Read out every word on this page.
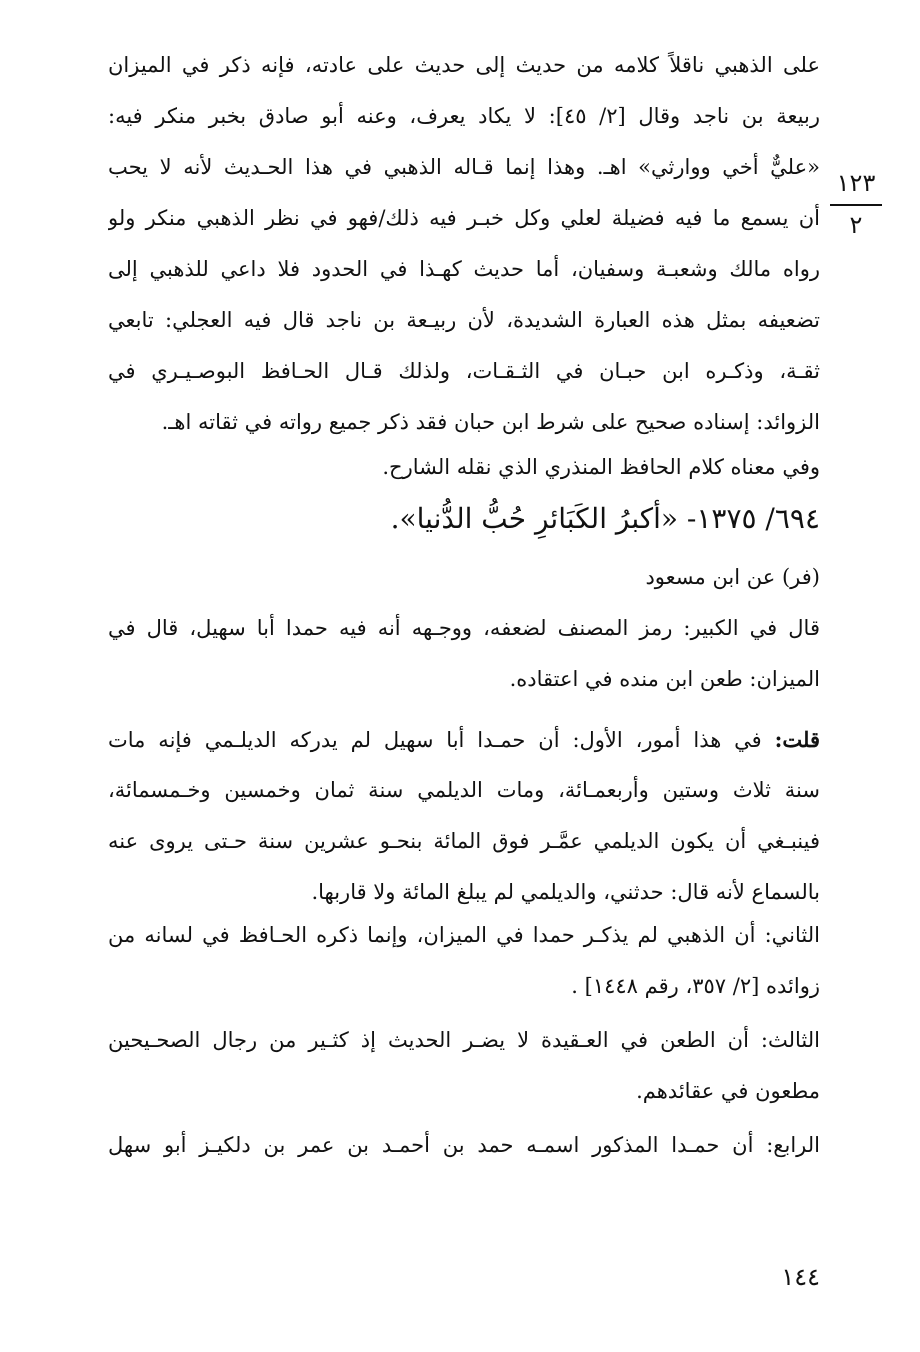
١٢٣
٢
على الذهبي ناقلاً كلامه من حديث إلى حديث على عادته، فإنه ذكر في الميزان
ربيعة بن ناجد وقال [٢/ ٤٥]: لا يكاد يعرف، وعنه أبو صادق بخبر منكر فيه:
«عليٌّ أخي ووارثي» اهـ. وهذا إنما قـاله الذهبي في هذا الحـديث لأنه لا يحب
أن يسمع ما فيه فضيلة لعلي وكل خبـر فيه ذلك/فهو في نظر الذهبي منكر ولو
رواه مالك وشعبـة وسفيان، أما حديث كهـذا في الحدود فلا داعي للذهبي إلى
تضعيفه بمثل هذه العبارة الشديدة، لأن ربيـعة بن ناجد قال فيه العجلي: تابعي
ثقـة، وذكـره ابن حبـان في الثـقـات، ولذلك قـال الحـافظ البوصـيـري في
الزوائد: إسناده صحيح على شرط ابن حبان فقد ذكر جميع رواته في ثقاته اهـ.
وفي معناه كلام الحافظ المنذري الذي نقله الشارح.
٦٩٤/ ١٣٧٥- «أكبرُ الكَبَائرِ حُبُّ الدُّنيا».
(فر) عن ابن مسعود
قال في الكبير: رمز المصنف لضعفه، ووجـهه أنه فيه حمدا أبا سهيل، قال في
الميزان: طعن ابن منده في اعتقاده.
قلت: في هذا أمور، الأول: أن حمـدا أبا سهيل لم يدركه الديلـمي فإنه مات
سنة ثلاث وستين وأربعمـائة، ومات الديلمي سنة ثمان وخمسين وخـمسمائة،
فينبـغي أن يكون الديلمي عمَّـر فوق المائة بنحـو عشرين سنة حـتى يروى عنه
بالسماع لأنه قال: حدثني، والديلمي لم يبلغ المائة ولا قاربها.
الثاني: أن الذهبي لم يذكـر حمدا في الميزان، وإنما ذكره الحـافظ في لسانه من
زوائده [٢/ ٣٥٧، رقم ١٤٤٨] .
الثالث: أن الطعن في العـقيدة لا يضـر الحديث إذ كثـير من رجال الصحـيحين
مطعون في عقائدهم.
الرابع: أن حمـدا المذكور اسمـه حمد بن أحمـد بن عمر بن دلكيـز أبو سهل
١٤٤
